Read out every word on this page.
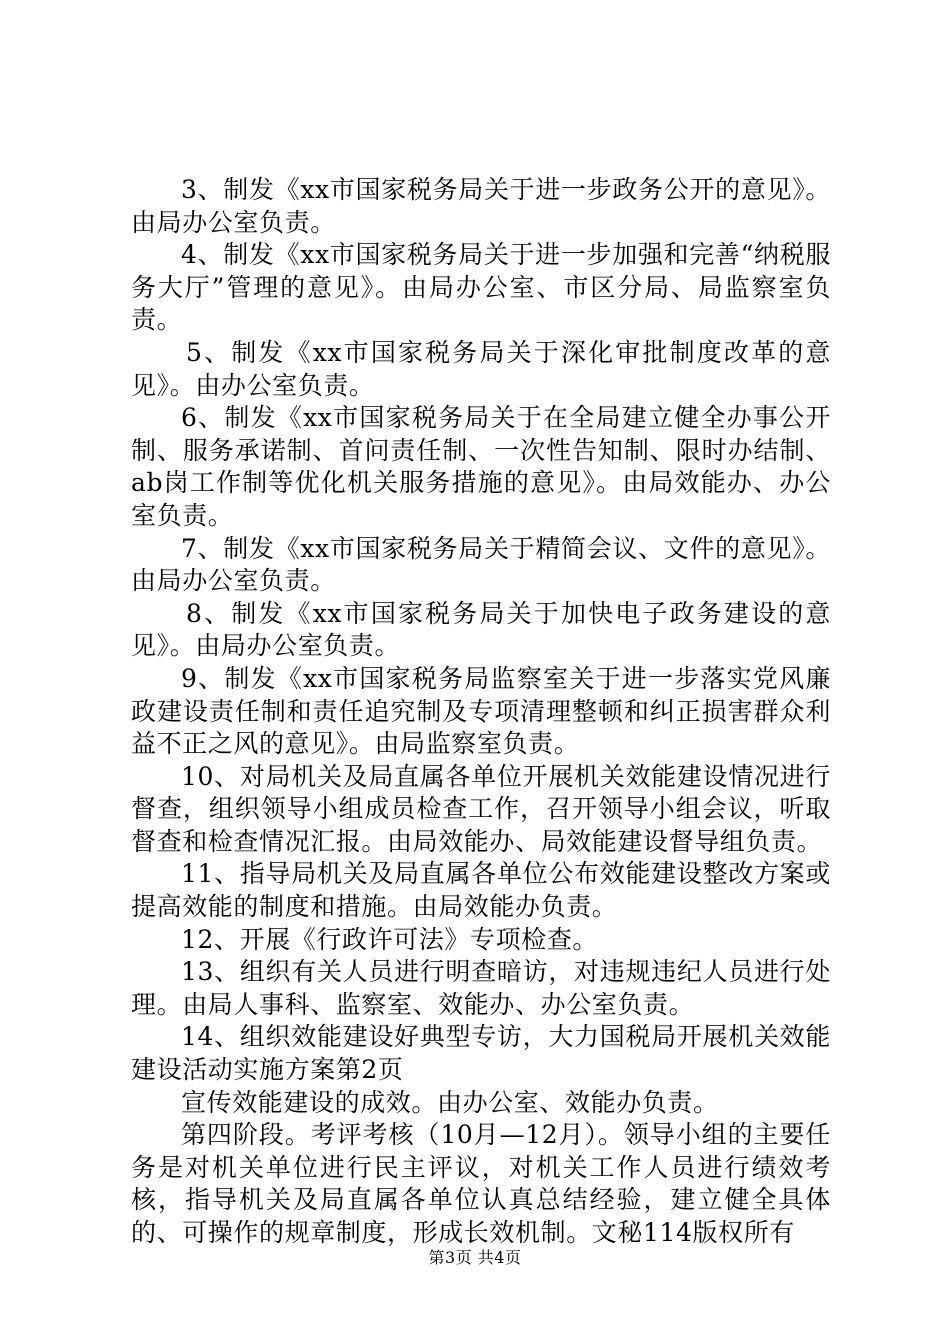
3、制发《xx市国家税务局关于进一步政务公开的意见》。由局办公室负责。

4、制发《xx市国家税务局关于进一步加强和完善“纳税服务大厅”管理的意见》。由局办公室、市区分局、局监察室负责。

5、制发《xx市国家税务局关于深化审批制度改革的意见》。由办公室负责。

6、制发《xx市国家税务局关于在全局建立健全办事公开制、服务承诺制、首问责任制、一次性告知制、限时办结制、ab岗工作制等优化机关服务措施的意见》。由局效能办、办公室负责。

7、制发《xx市国家税务局关于精简会议、文件的意见》。由局办公室负责。

8、制发《xx市国家税务局关于加快电子政务建设的意见》。由局办公室负责。

9、制发《xx市国家税务局监察室关于进一步落实党风廉政建设责任制和责任追究制及专项清理整顿和纠正损害群众利益不正之风的意见》。由局监察室负责。

10、对局机关及局直属各单位开展机关效能建设情况进行督查，组织领导小组成员检查工作，召开领导小组会议，听取督查和检查情况汇报。由局效能办、局效能建设督导组负责。

11、指导局机关及局直属各单位公布效能建设整改方案或提高效能的制度和措施。由局效能办负责。

12、开展《行政许可法》专项检查。

13、组织有关人员进行明查暗访，对违规违纪人员进行处理。由局人事科、监察室、效能办、办公室负责。

14、组织效能建设好典型专访，大力国税局开展机关效能建设活动实施方案第2页

宣传效能建设的成效。由办公室、效能办负责。

第四阶段。考评考核（10月—12月）。领导小组的主要任务是对机关单位进行民主评议，对机关工作人员进行绩效考核，指导机关及局直属各单位认真总结经验，建立健全具体的、可操作的规章制度，形成长效机制。文秘114版权所有

第3页 共4页
